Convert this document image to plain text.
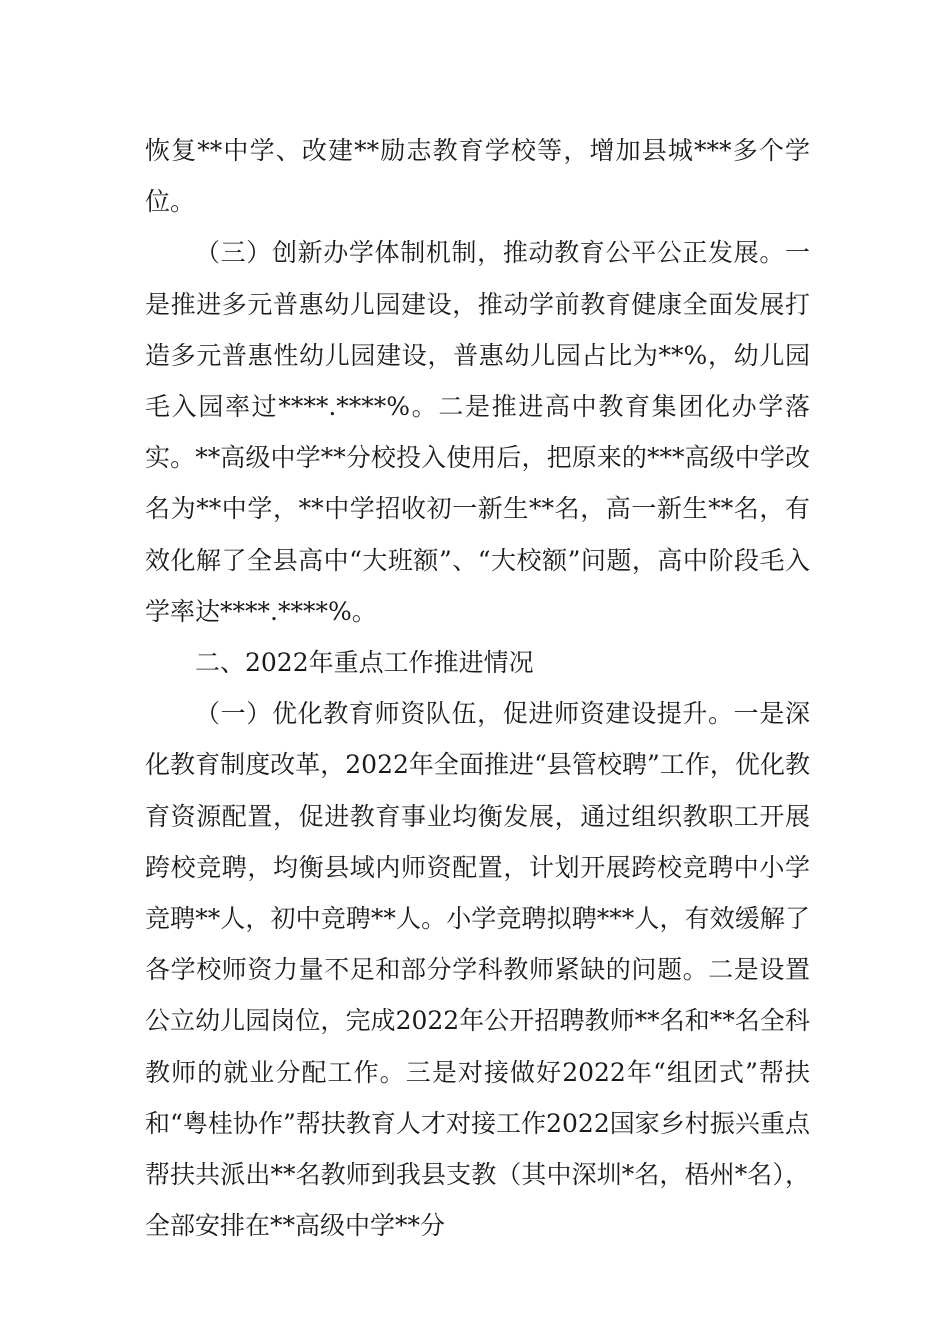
恢复**中学、改建**励志教育学校等，增加县城***多个学位。

（三）创新办学体制机制，推动教育公平公正发展。一是推进多元普惠幼儿园建设，推动学前教育健康全面发展打造多元普惠性幼儿园建设，普惠幼儿园占比为**%，幼儿园毛入园率过****.****%。二是推进高中教育集团化办学落实。**高级中学**分校投入使用后，把原来的***高级中学改名为**中学，**中学招收初一新生**名，高一新生**名，有效化解了全县高中“大班额”、“大校额”问题，高中阶段毛入学率达****.****%。

二、2022年重点工作推进情况

（一）优化教育师资队伍，促进师资建设提升。一是深化教育制度改革，2022年全面推进“县管校聘”工作，优化教育资源配置，促进教育事业均衡发展，通过组织教职工开展跨校竞聘，均衡县域内师资配置，计划开展跨校竞聘中小学竞聘**人，初中竞聘**人。小学竞聘拟聘***人，有效缓解了各学校师资力量不足和部分学科教师紧缺的问题。二是设置公立幼儿园岗位，完成2022年公开招聘教师**名和**名全科教师的就业分配工作。三是对接做好2022年“组团式”帮扶和“粤桂协作”帮扶教育人才对接工作2022国家乡村振兴重点帮扶共派出**名教师到我县支教（其中深圳*名，梧州*名），全部安排在**高级中学**分
